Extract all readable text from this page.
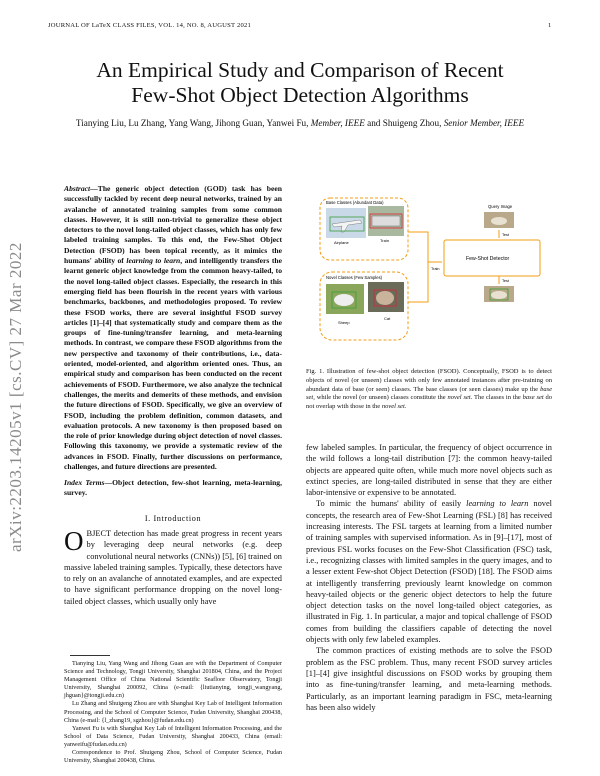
JOURNAL OF LaTeX CLASS FILES, VOL. 14, NO. 8, AUGUST 2021	1
arXiv:2203.14205v1 [cs.CV] 27 Mar 2022
An Empirical Study and Comparison of Recent
Few-Shot Object Detection Algorithms
Tianying Liu, Lu Zhang, Yang Wang, Jihong Guan, Yanwei Fu, Member, IEEE and Shuigeng Zhou, Senior Member, IEEE
Abstract—The generic object detection (GOD) task has been successfully tackled by recent deep neural networks, trained by an avalanche of annotated training samples from some common classes. However, it is still non-trivial to generalize these object detectors to the novel long-tailed object classes, which has only few labeled training samples. To this end, the Few-Shot Object Detection (FSOD) has been topical recently, as it mimics the humans' ability of learning to learn, and intelligently transfers the learnt generic object knowledge from the common heavy-tailed, to the novel long-tailed object classes. Especially, the research in this emerging field has been flourish in the recent years with various benchmarks, backbones, and methodologies proposed. To review these FSOD works, there are several insightful FSOD survey articles [1]–[4] that systematically study and compare them as the groups of fine-tuning/transfer learning, and meta-learning methods. In contrast, we compare these FSOD algorithms from the new perspective and taxonomy of their contributions, i.e., data-oriented, model-oriented, and algorithm oriented ones. Thus, an empirical study and comparison has been conducted on the recent achievements of FSOD. Furthermore, we also analyze the technical challenges, the merits and demerits of these methods, and envision the future directions of FSOD. Specifically, we give an overview of FSOD, including the problem definition, common datasets, and evaluation protocols. A new taxonomy is then proposed based on the role of prior knowledge during object detection of novel classes. Following this taxonomy, we provide a systematic review of the advances in FSOD. Finally, further discussions on performance, challenges, and future directions are presented.
Index Terms—Object detection, few-shot learning, meta-learning, survey.
I. Introduction
OBJECT detection has made great progress in recent years by leveraging deep neural networks (e.g. deep convolutional neural networks (CNNs)) [5], [6] trained on massive labeled training samples. Typically, these detectors have to rely on an avalanche of annotated examples, and are expected to have significant performance dropping on the novel long-tailed object classes, which usually only have

Tianying Liu, Yang Wang and Jihong Guan are with the Department of Computer Science and Technology, Tongji University, Shanghai 201804, China, and the Project Management Office of China National Scientific Seafloor Observatory, Tongji University, Shanghai 200092, China (e-mail: {liutianying, tongji_wangyang, jhguan}@tongji.edu.cn)

Lu Zhang and Shuigeng Zhou are with Shanghai Key Lab of Intelligent Information Processing, and the School of Computer Science, Fudan University, Shanghai 200438, China (e-mail: {l_zhang19, sgzhou}@fudan.edu.cn)

Yanwei Fu is with Shanghai Key Lab of Intelligent Information Processing, and the School of Data Science, Fudan University, Shanghai 200433, China (email: yanweifu@fudan.edu.cn)

Correspondence to Prof. Shuigeng Zhou, School of Computer Science, Fudan University, Shanghai 200438, China.

Base Classes (Abundant Data)
Airplane	Train
Novel Classes (Few Samples)
Sheep
Cat
Train
Query Image
Test
Few-Shot Detector
Test
Fig. 1. Illustration of few-shot object detection (FSOD). Conceptually, FSOD is to detect objects of novel (or unseen) classes with only few annotated instances after pre-training on abundant data of base (or seen) classes. The base classes (or seen classes) make up the base set, while the novel (or unseen) classes constitute the novel set. The classes in the base set do not overlap with those in the novel set.

few labeled samples. In particular, the frequency of object occurrence in the wild follows a long-tail distribution [7]: the common heavy-tailed objects are appeared quite often, while much more novel objects such as extinct species, are long-tailed distributed in sense that they are either labor-intensive or expensive to be annotated.

To mimic the humans' ability of easily learning to learn novel concepts, the research area of Few-Shot Learning (FSL) [8] has received increasing interests. The FSL targets at learning from a limited number of training samples with supervised information. As in [9]–[17], most of previous FSL works focuses on the Few-Shot Classification (FSC) task, i.e., recognizing classes with limited samples in the query images, and to a lesser extent Few-shot Object Detection (FSOD) [18]. The FSOD aims at intelligently transferring previously learnt knowledge on common heavy-tailed objects or the generic object detectors to help the future object detection tasks on the novel long-tailed object categories, as illustrated in Fig. 1. In particular, a major and topical challenge of FSOD comes from building the classifiers capable of detecting the novel objects with only few labeled examples.

The common practices of existing methods are to solve the FSOD problem as the FSC problem. Thus, many recent FSOD survey articles [1]–[4] give insightful discussions on FSOD works by grouping them into as fine-tuning/transfer learning, and meta-learning methods. Particularly, as an important learning paradigm in FSC, meta-learning has been also widely
